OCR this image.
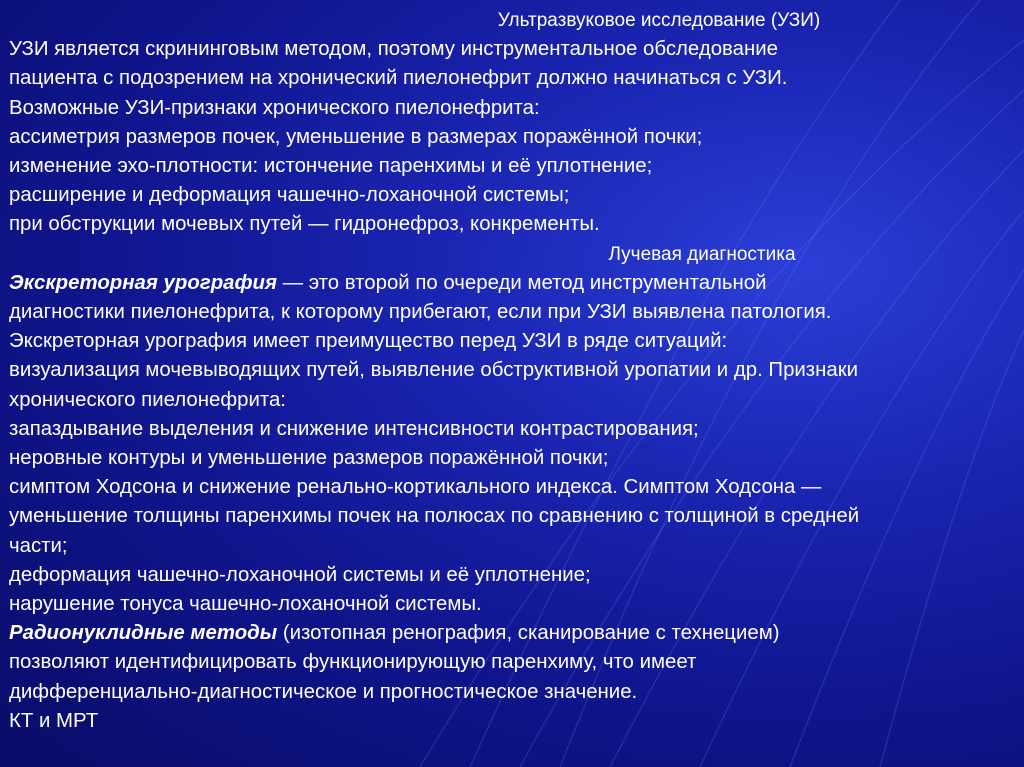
Ультразвуковое исследование (УЗИ)
УЗИ является скрининговым методом, поэтому инструментальное обследование
пациента с подозрением на хронический пиелонефрит должно начинаться с УЗИ.
Возможные УЗИ-признаки хронического пиелонефрита:
ассиметрия размеров почек, уменьшение в размерах поражённой почки;
изменение эхо-плотности: истончение паренхимы и её уплотнение;
расширение и деформация чашечно-лоханочной системы;
при обструкции мочевых путей — гидронефроз, конкременты.
Лучевая диагностика
Экскреторная урография — это второй по очереди метод инструментальной
диагностики пиелонефрита, к которому прибегают, если при УЗИ выявлена патология.
Экскреторная урография имеет преимущество перед УЗИ в ряде ситуаций:
визуализация мочевыводящих путей, выявление обструктивной уропатии и др. Признаки
хронического пиелонефрита:
запаздывание выделения и снижение интенсивности контрастирования;
неровные контуры и уменьшение размеров поражённой почки;
симптом Ходсона и снижение ренально-кортикального индекса. Симптом Ходсона —
уменьшение толщины паренхимы почек на полюсах по сравнению с толщиной в средней
части;
деформация чашечно-лоханочной системы и её уплотнение;
нарушение тонуса чашечно-лоханочной системы.
Радионуклидные методы (изотопная ренография, сканирование с технецием)
позволяют идентифицировать функционирующую паренхиму, что имеет
дифференциально-диагностическое и прогностическое значение.
КТ и МРТ
